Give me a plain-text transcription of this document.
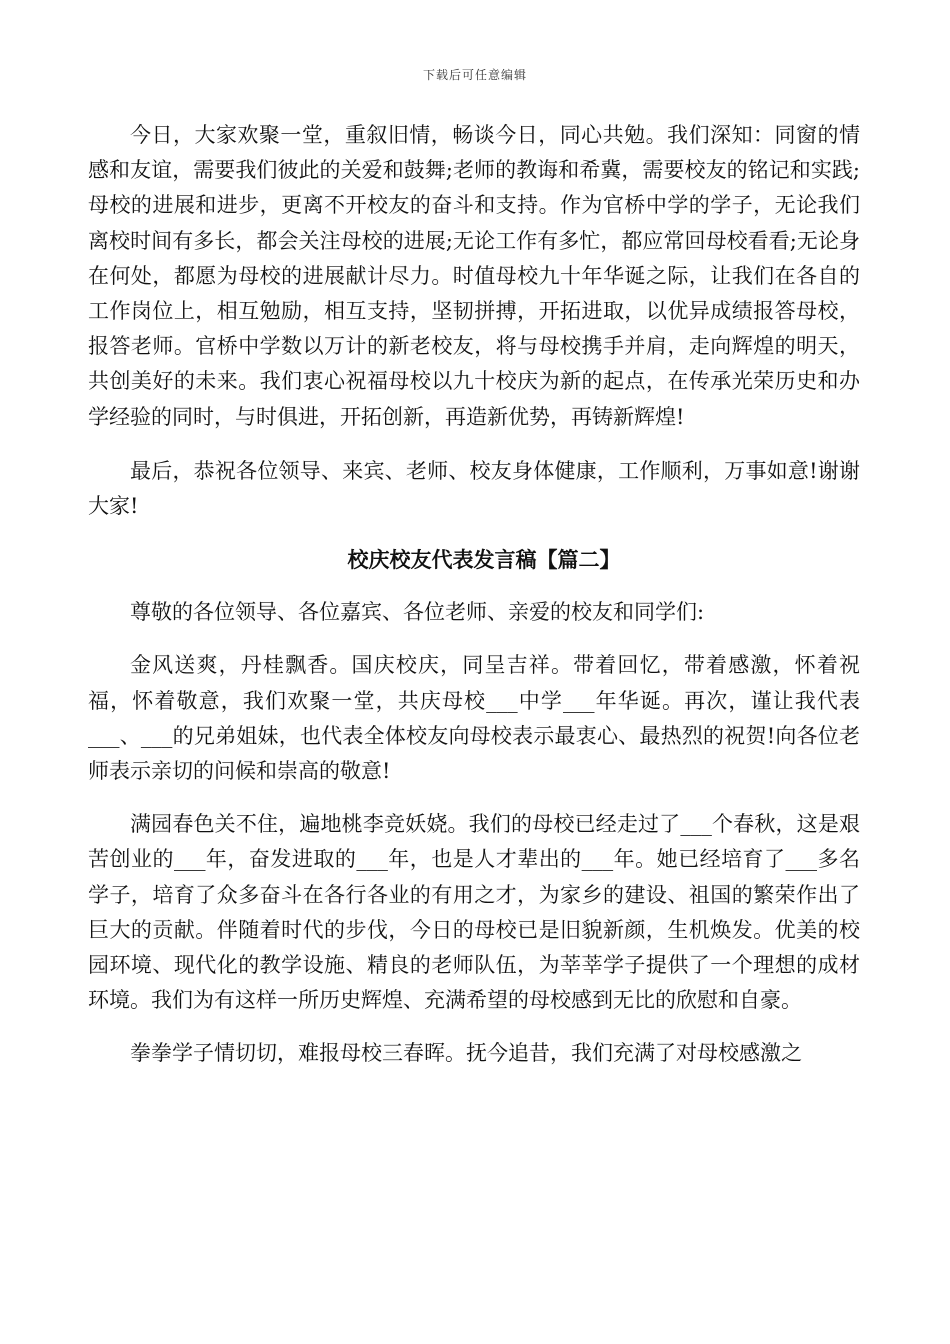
下载后可任意编辑

今日，大家欢聚一堂，重叙旧情，畅谈今日，同心共勉。我们深知：同窗的情感和友谊，需要我们彼此的关爱和鼓舞;老师的教诲和希冀，需要校友的铭记和实践;母校的进展和进步，更离不开校友的奋斗和支持。作为官桥中学的学子，无论我们离校时间有多长，都会关注母校的进展;无论工作有多忙，都应常回母校看看;无论身在何处，都愿为母校的进展献计尽力。时值母校九十年华诞之际，让我们在各自的工作岗位上，相互勉励，相互支持，坚韧拼搏，开拓进取，以优异成绩报答母校，报答老师。官桥中学数以万计的新老校友，将与母校携手并肩，走向辉煌的明天，共创美好的未来。我们衷心祝福母校以九十校庆为新的起点，在传承光荣历史和办学经验的同时，与时俱进，开拓创新，再造新优势，再铸新辉煌!

最后，恭祝各位领导、来宾、老师、校友身体健康，工作顺利，万事如意!谢谢大家!

校庆校友代表发言稿【篇二】

尊敬的各位领导、各位嘉宾、各位老师、亲爱的校友和同学们:

金风送爽，丹桂飘香。国庆校庆，同呈吉祥。带着回忆，带着感激，怀着祝福，怀着敬意，我们欢聚一堂，共庆母校___中学___年华诞。再次，谨让我代表___、___的兄弟姐妹，也代表全体校友向母校表示最衷心、最热烈的祝贺!向各位老师表示亲切的问候和崇高的敬意!

满园春色关不住，遍地桃李竞妖娆。我们的母校已经走过了___个春秋，这是艰苦创业的___年，奋发进取的___年，也是人才辈出的___年。她已经培育了___多名学子，培育了众多奋斗在各行各业的有用之才，为家乡的建设、祖国的繁荣作出了巨大的贡献。伴随着时代的步伐，今日的母校已是旧貌新颜，生机焕发。优美的校园环境、现代化的教学设施、精良的老师队伍，为莘莘学子提供了一个理想的成材环境。我们为有这样一所历史辉煌、充满希望的母校感到无比的欣慰和自豪。

拳拳学子情切切，难报母校三春晖。抚今追昔，我们充满了对母校感激之
